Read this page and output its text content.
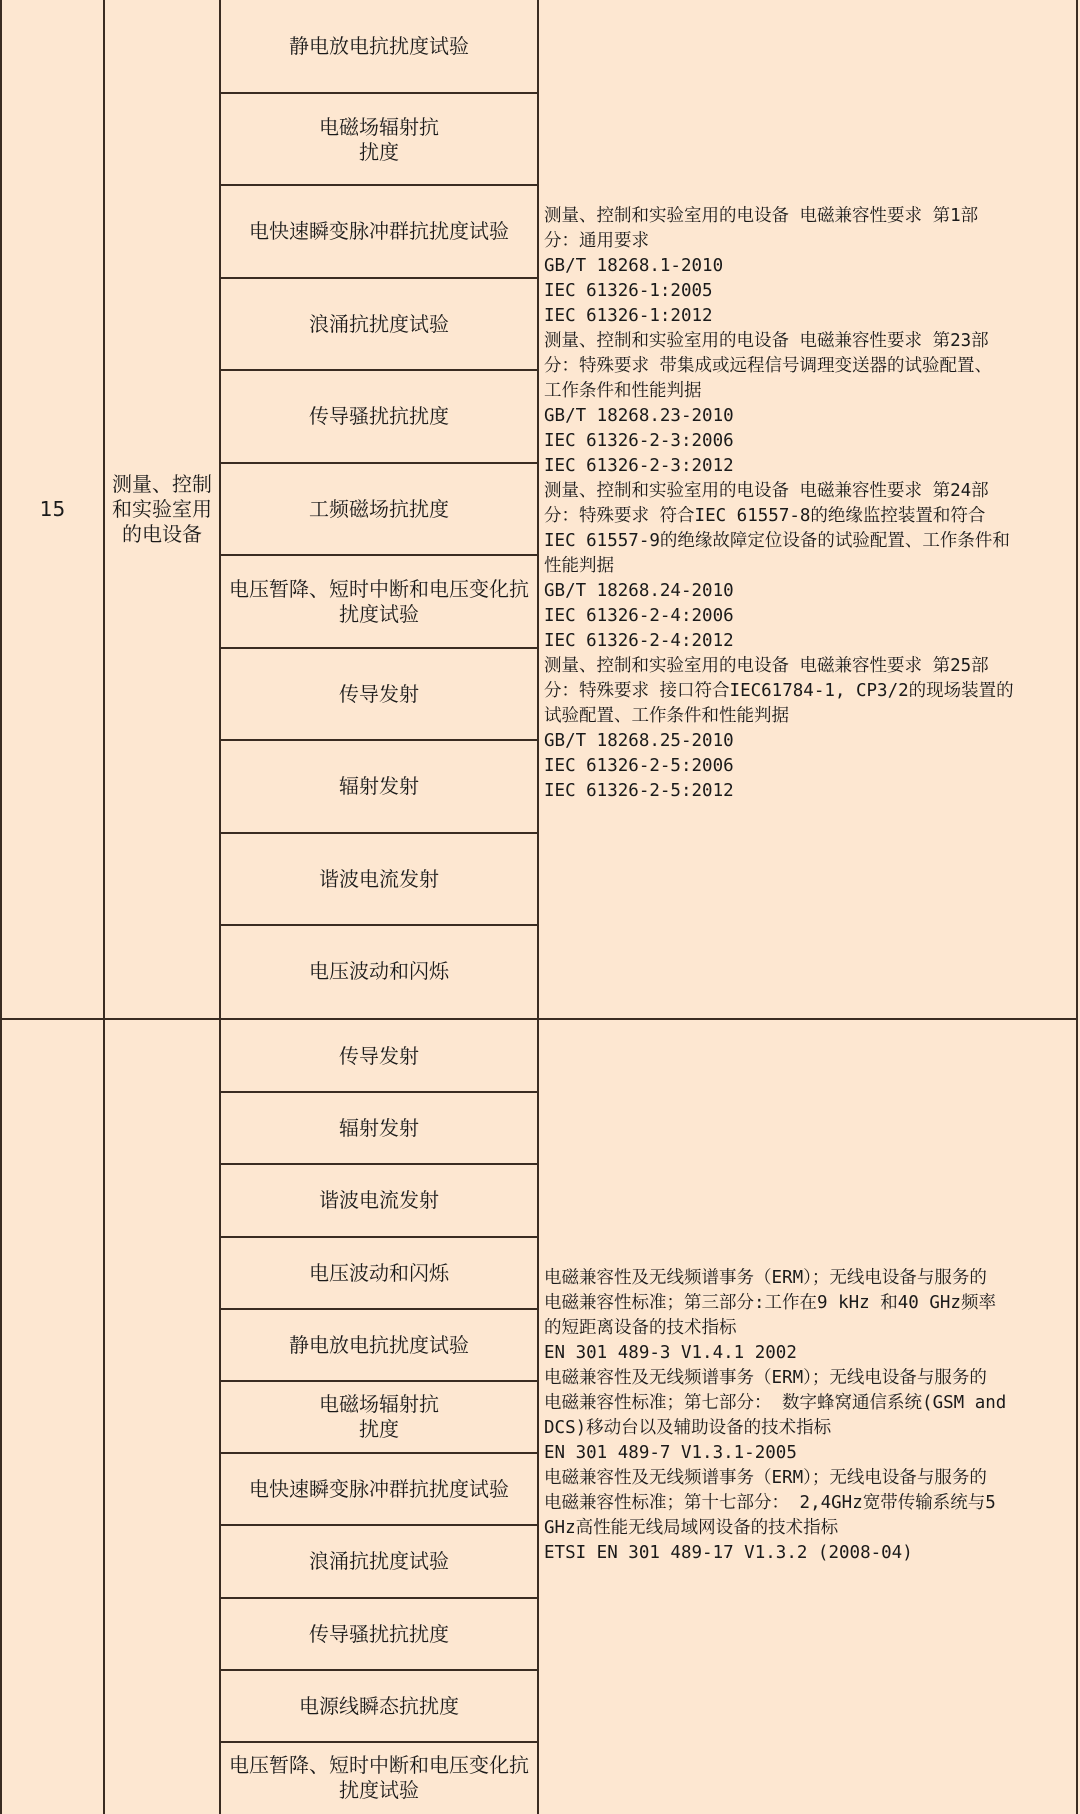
15
测量、控制
和实验室用
的电设备
静电放电抗扰度试验
电磁场辐射抗
扰度
电快速瞬变脉冲群抗扰度试验
浪涌抗扰度试验
传导骚扰抗扰度
工频磁场抗扰度
电压暂降、短时中断和电压变化抗
扰度试验
传导发射
辐射发射
谐波电流发射
电压波动和闪烁
测量、控制和实验室用的电设备 电磁兼容性要求 第1部
分：通用要求
GB/T 18268.1-2010
IEC 61326-1:2005
IEC 61326-1:2012
测量、控制和实验室用的电设备 电磁兼容性要求 第23部
分：特殊要求 带集成或远程信号调理变送器的试验配置、
工作条件和性能判据
GB/T 18268.23-2010
IEC 61326-2-3:2006
IEC 61326-2-3:2012
测量、控制和实验室用的电设备 电磁兼容性要求 第24部
分：特殊要求 符合IEC 61557-8的绝缘监控装置和符合
IEC 61557-9的绝缘故障定位设备的试验配置、工作条件和
性能判据
GB/T 18268.24-2010
IEC 61326-2-4:2006
IEC 61326-2-4:2012
测量、控制和实验室用的电设备 电磁兼容性要求 第25部
分：特殊要求 接口符合IEC61784-1, CP3/2的现场装置的
试验配置、工作条件和性能判据
GB/T 18268.25-2010
IEC 61326-2-5:2006
IEC 61326-2-5:2012
传导发射
辐射发射
谐波电流发射
电压波动和闪烁
静电放电抗扰度试验
电磁场辐射抗
扰度
电快速瞬变脉冲群抗扰度试验
浪涌抗扰度试验
传导骚扰抗扰度
电源线瞬态抗扰度
电压暂降、短时中断和电压变化抗
扰度试验
电磁兼容性及无线频谱事务（ERM）；无线电设备与服务的
电磁兼容性标准；第三部分:工作在9 kHz 和40 GHz频率
的短距离设备的技术指标
EN 301 489-3 V1.4.1 2002
电磁兼容性及无线频谱事务（ERM）；无线电设备与服务的
电磁兼容性标准；第七部分： 数字蜂窝通信系统(GSM and
DCS)移动台以及辅助设备的技术指标
EN 301 489-7 V1.3.1-2005
电磁兼容性及无线频谱事务（ERM）；无线电设备与服务的
电磁兼容性标准；第十七部分： 2,4GHz宽带传输系统与5
GHz高性能无线局域网设备的技术指标
ETSI EN 301 489-17 V1.3.2 (2008-04)
